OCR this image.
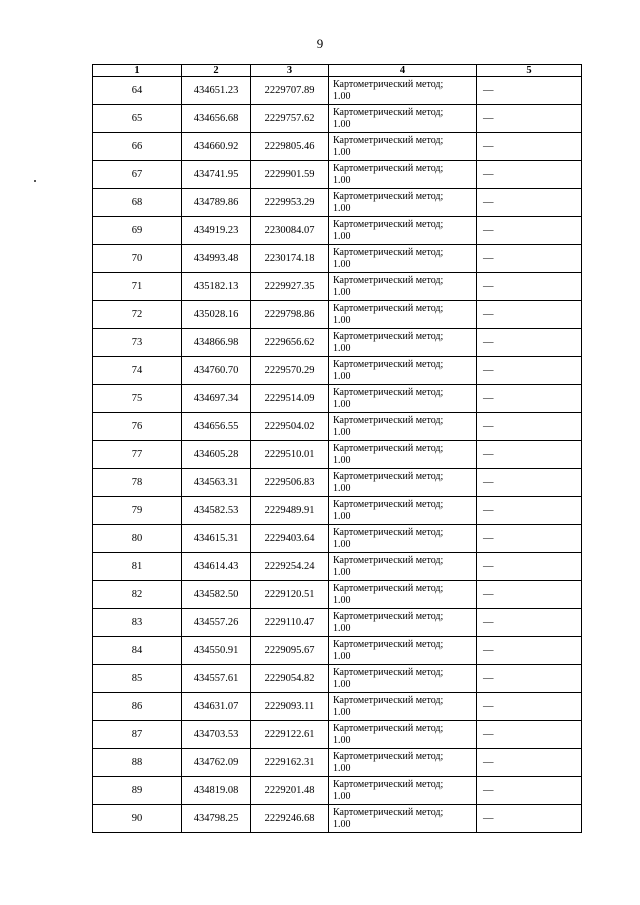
9
1	2	3	4	5
64	434651.23	2229707.89	Картометрический метод;
1.00	—
65	434656.68	2229757.62	Картометрический метод;
1.00	—
66	434660.92	2229805.46	Картометрический метод;
1.00	—
67	434741.95	2229901.59	Картометрический метод;
1.00	—
68	434789.86	2229953.29	Картометрический метод;
1.00	—
69	434919.23	2230084.07	Картометрический метод;
1.00	—
70	434993.48	2230174.18	Картометрический метод;
1.00	—
71	435182.13	2229927.35	Картометрический метод;
1.00	—
72	435028.16	2229798.86	Картометрический метод;
1.00	—
73	434866.98	2229656.62	Картометрический метод;
1.00	—
74	434760.70	2229570.29	Картометрический метод;
1.00	—
75	434697.34	2229514.09	Картометрический метод;
1.00	—
76	434656.55	2229504.02	Картометрический метод;
1.00	—
77	434605.28	2229510.01	Картометрический метод;
1.00	—
78	434563.31	2229506.83	Картометрический метод;
1.00	—
79	434582.53	2229489.91	Картометрический метод;
1.00	—
80	434615.31	2229403.64	Картометрический метод;
1.00	—
81	434614.43	2229254.24	Картометрический метод;
1.00	—
82	434582.50	2229120.51	Картометрический метод;
1.00	—
83	434557.26	2229110.47	Картометрический метод;
1.00	—
84	434550.91	2229095.67	Картометрический метод;
1.00	—
85	434557.61	2229054.82	Картометрический метод;
1.00	—
86	434631.07	2229093.11	Картометрический метод;
1.00	—
87	434703.53	2229122.61	Картометрический метод;
1.00	—
88	434762.09	2229162.31	Картометрический метод;
1.00	—
89	434819.08	2229201.48	Картометрический метод;
1.00	—
90	434798.25	2229246.68	Картометрический метод;
1.00	—
